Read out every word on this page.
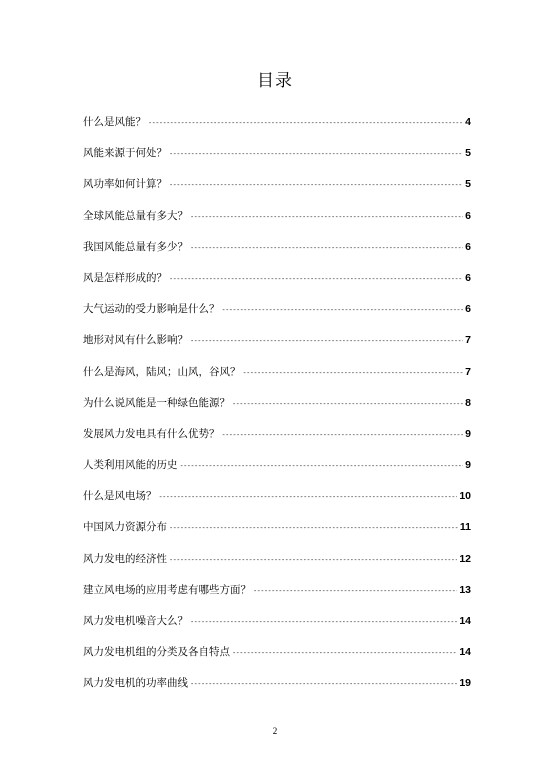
目录
什么是风能？ -----	4
风能来源于何处？ -----	5
风功率如何计算？ -----	5
全球风能总量有多大？ -----	6
我国风能总量有多少？ -----	6
风是怎样形成的？ -----	6
大气运动的受力影响是什么？ -----	6
地形对风有什么影响？ -----	7
什么是海风，陆风；山风，谷风？ -----	7
为什么说风能是一种绿色能源？ -----	8
发展风力发电具有什么优势？ -----	9
人类利用风能的历史 -----	9
什么是风电场？ -----	10
中国风力资源分布 -----	11
风力发电的经济性 -----	12
建立风电场的应用考虑有哪些方面？ -----	13
风力发电机噪音大么？ -----	14
风力发电机组的分类及各自特点 -----	14
风力发电机的功率曲线 -----	19
2
